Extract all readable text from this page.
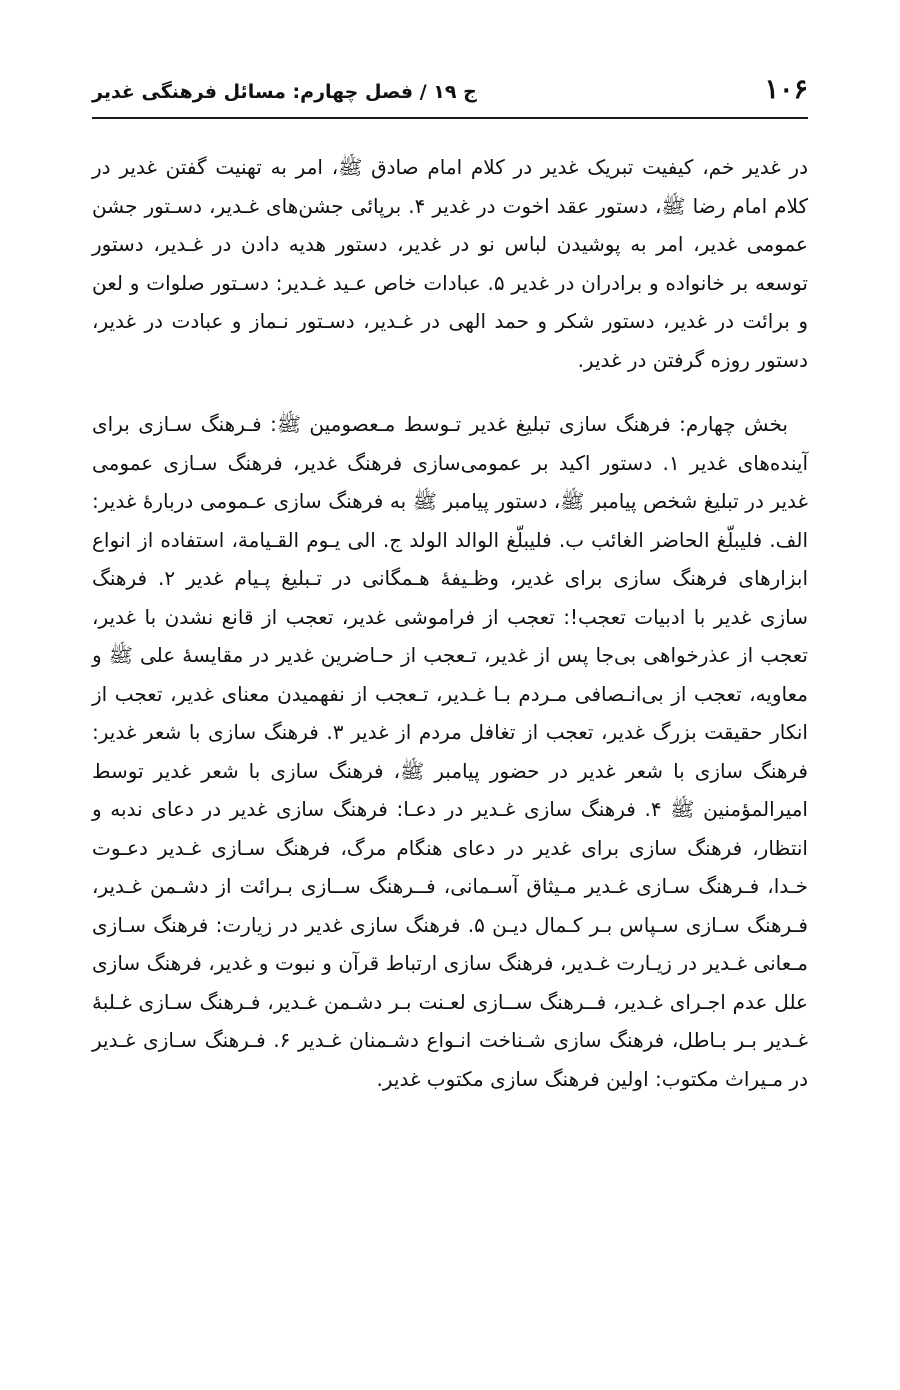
۱۰۶
ج ۱۹ / فصل چهارم: مسائل فرهنگی غدیر

در غدیر خم، کیفیت تبریک غدیر در کلام امام صادق ﷺ، امر به تهنیت گفتن غدیر در کلام امام رضا ﷺ، دستور عقد اخوت در غدیر ۴. برپائی جشن‌های غـدیر، دسـتور جشن عمومی غدیر، امر به پوشیدن لباس نو در غدیر، دستور هدیه دادن در غـدیر، دستور توسعه بر خانواده و برادران در غدیر ۵. عبادات خاص عـید غـدیر: دسـتور صلوات و لعن و برائت در غدیر، دستور شکر و حمد الهی در غـدیر، دسـتور نـماز و عبادت در غدیر، دستور روزه گرفتن در غدیر.

بخش چهارم: فرهنگ سازی تبلیغ غدیر تـوسط مـعصومین ﷺ: فـرهنگ سـازی برای آینده‌های غدیر ۱. دستور اکید بر عمومی‌سازی فرهنگ غدیر، فرهنگ سـازی عمومی غدیر در تبلیغ شخص پیامبر ﷺ، دستور پیامبر ﷺ به فرهنگ سازی عـمومی دربارهٔ غدیر: الف. فلیبلّغ الحاضر الغائب ب. فلیبلّغ الوالد الولد ج. الی یـوم القـیامة، استفاده از انواع ابزارهای فرهنگ سازی برای غدیر، وظـیفهٔ هـمگانی در تـبلیغ پـیام غدیر ۲. فرهنگ سازی غدیر با ادبیات تعجب!: تعجب از فراموشی غدیر، تعجب از قانع نشدن با غدیر، تعجب از عذرخواهی بی‌جا پس از غدیر، تـعجب از حـاضرین غدیر در مقایسهٔ علی ﷺ و معاویه، تعجب از بی‌انـصافی مـردم بـا غـدیر، تـعجب از نفهمیدن معنای غدیر، تعجب از انکار حقیقت بزرگ غدیر، تعجب از تغافل مردم از غدیر ۳. فرهنگ سازی با شعر غدیر: فرهنگ سازی با شعر غدیر در حضور پیامبر ﷺ، فرهنگ سازی با شعر غدیر توسط امیرالمؤمنین ﷺ ۴. فرهنگ سازی غـدیر در دعـا: فرهنگ سازی غدیر در دعای ندبه و انتظار، فرهنگ سازی برای غدیر در دعای هنگام مرگ، فرهنگ سـازی غـدیر دعـوت خـدا، فـرهنگ سـازی غـدیر مـیثاق آسـمانی، فــرهنگ ســازی بـرائت از دشـمن غـدیر، فـرهنگ سـازی سـپاس بـر کـمال دیـن ۵. فرهنگ سازی غدیر در زیارت: فرهنگ سـازی مـعانی غـدیر در زیـارت غـدیر، فرهنگ سازی ارتباط قرآن و نبوت و غدیر، فرهنگ سازی علل عدم اجـرای غـدیر، فــرهنگ ســازی لعـنت بـر دشـمن غـدیر، فـرهنگ سـازی غـلبهٔ غـدیر بـر بـاطل، فرهنگ سازی شـناخت انـواع دشـمنان غـدیر ۶. فـرهنگ سـازی غـدیر در مـیراث مکتوب: اولین فرهنگ سازی مکتوب غدیر.
